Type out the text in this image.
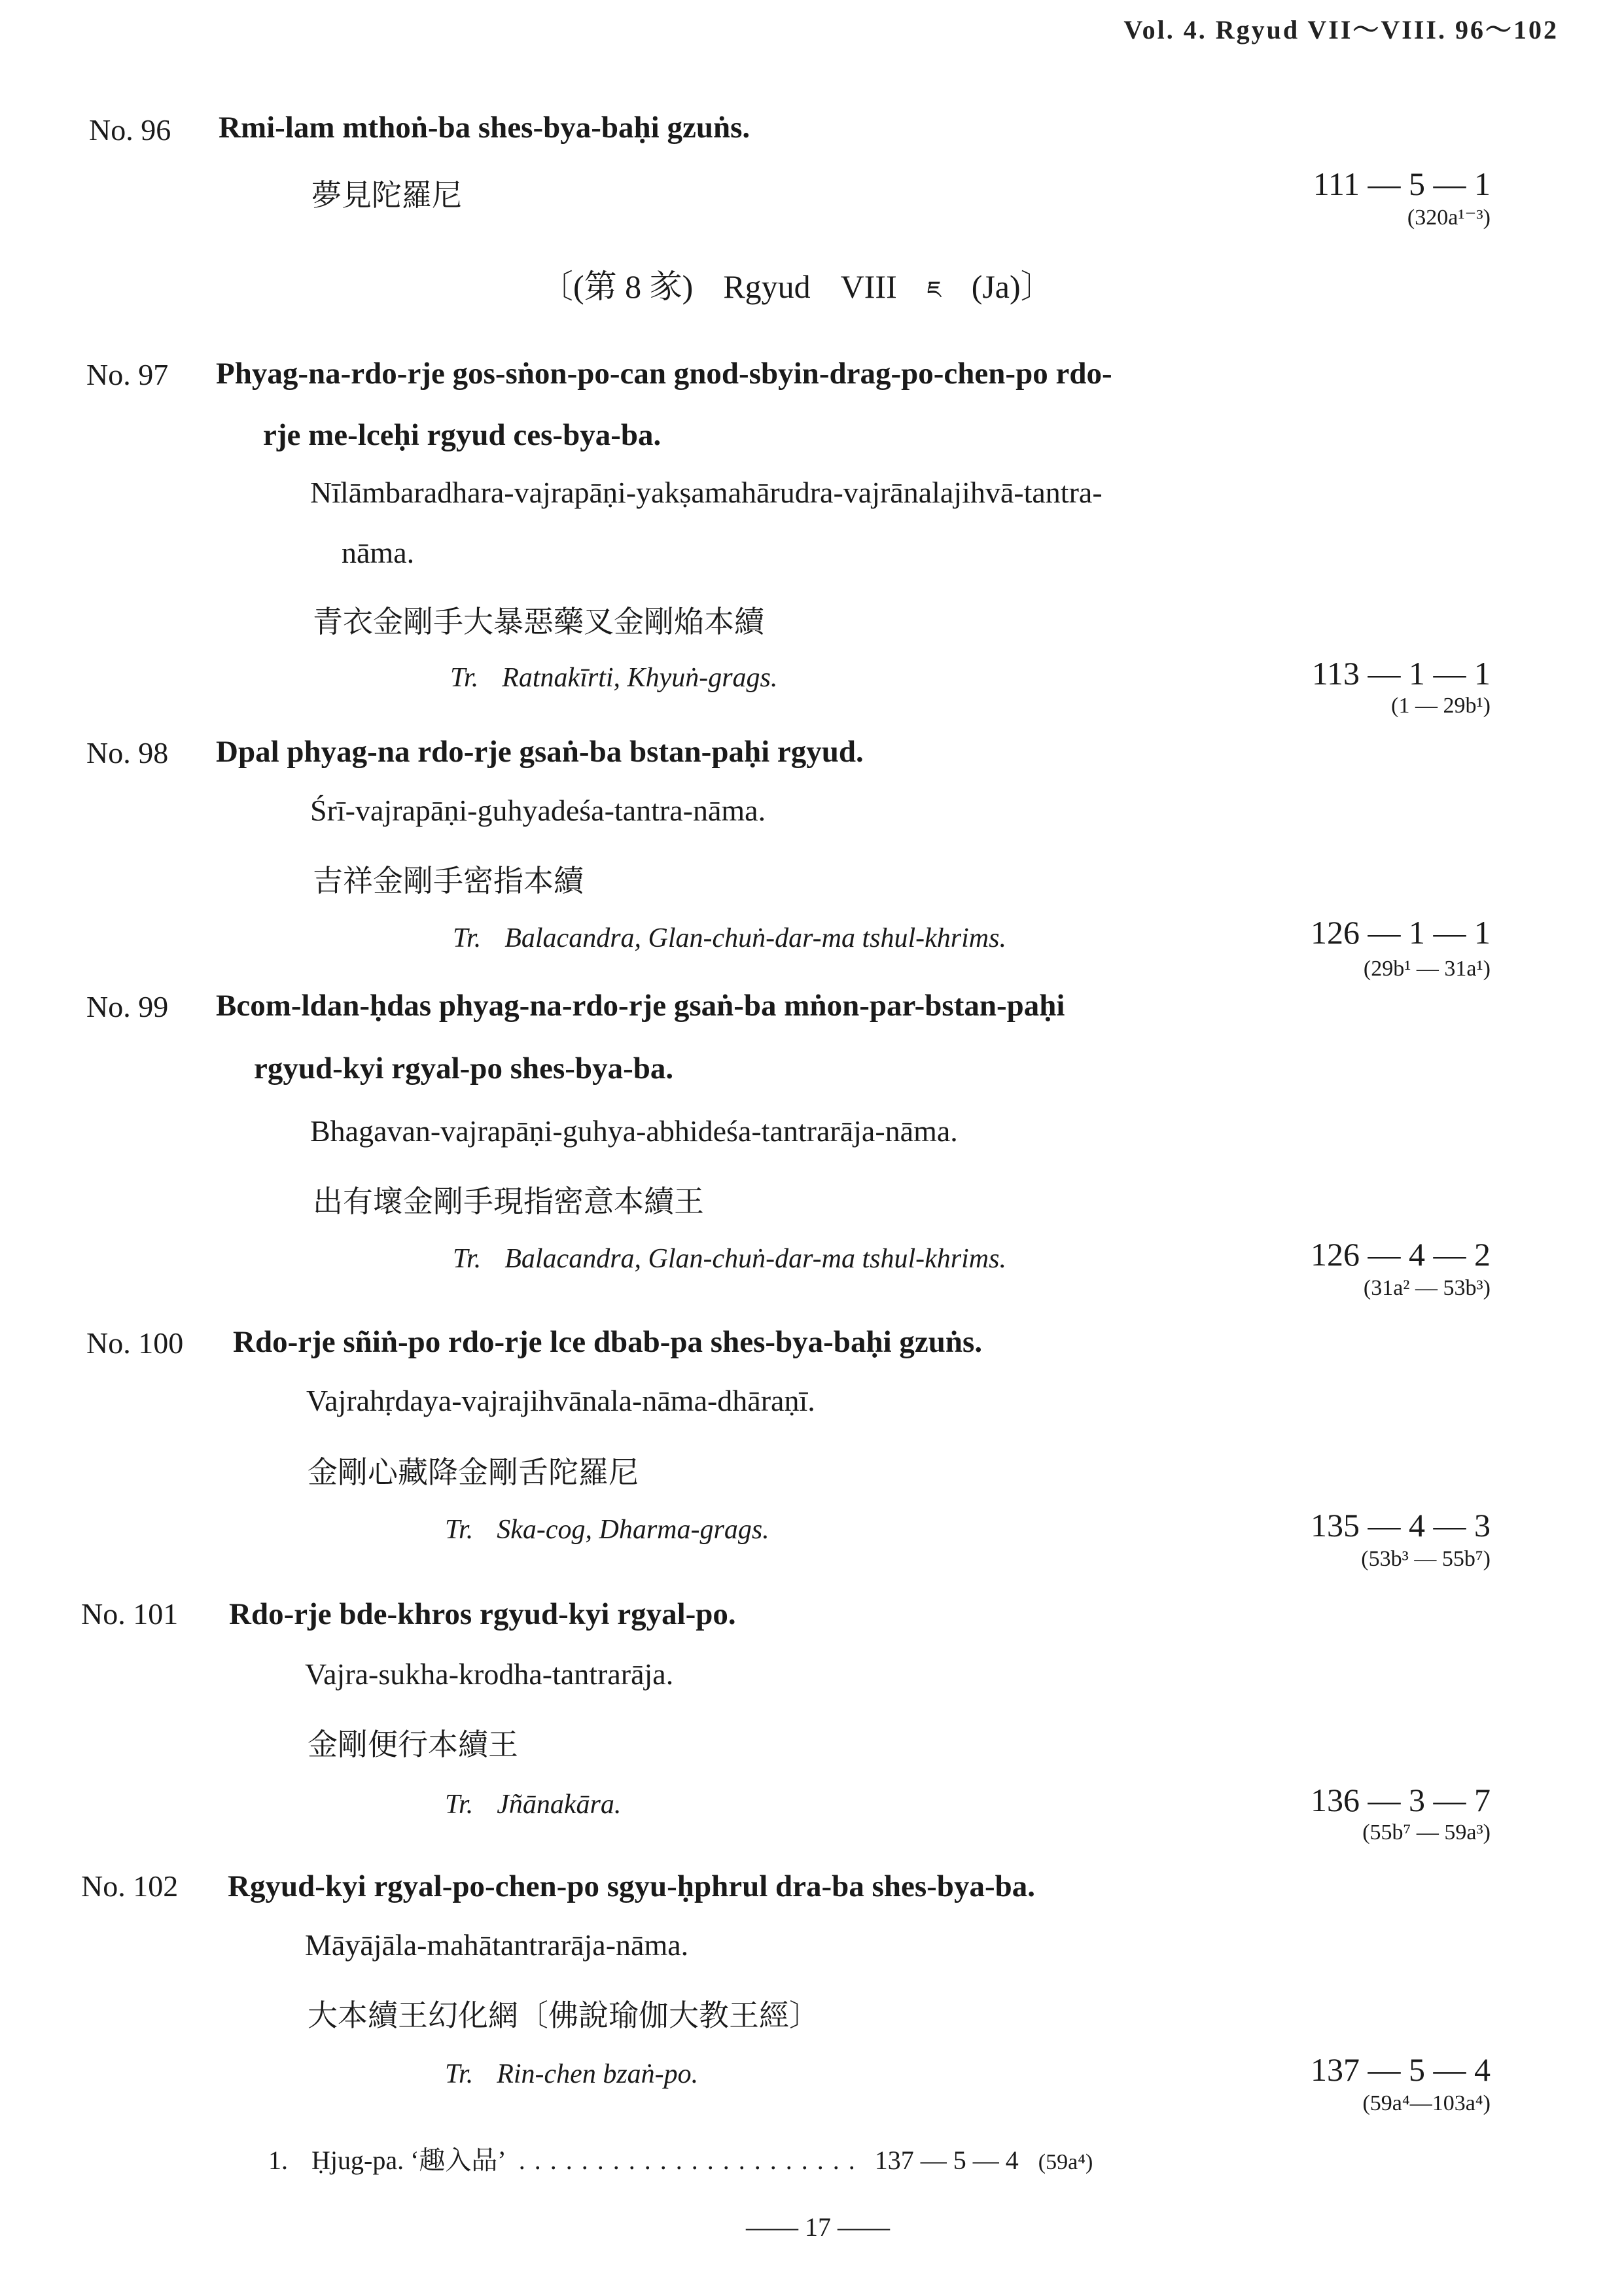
Vol. 4. Rgyud VII～VIII. 96～102
No. 96 Rmi-lam mthoṅ-ba shes-bya-baḥi gzuṅs.
夢見陀羅尼	111 — 5 — 1
(320a¹⁻³)
〔(第 8 㒸) Rgyud VIII ཇ (Ja)〕
No. 97 Phyag-na-rdo-rje gos-sṅon-po-can gnod-sbyin-drag-po-chen-po rdo-
rje me-lceḥi rgyud ces-bya-ba.
Nīlāmbaradhara-vajrapāṇi-yakṣamahārudra-vajrānalajihvā-tantra-
nāma.
青衣金剛手大暴惡藥叉金剛焔本續
Tr. Ratnakīrti, Khyuṅ-grags.	113 — 1 — 1
(1 — 29b¹)
No. 98 Dpal phyag-na rdo-rje gsaṅ-ba bstan-paḥi rgyud.
Śrī-vajrapāṇi-guhyadeśa-tantra-nāma.
吉祥金剛手密指本續
Tr. Balacandra, Glan-chuṅ-dar-ma tshul-khrims.	126 — 1 — 1
(29b¹ — 31a¹)
No. 99 Bcom-ldan-ḥdas phyag-na-rdo-rje gsaṅ-ba mṅon-par-bstan-paḥi
rgyud-kyi rgyal-po shes-bya-ba.
Bhagavan-vajrapāṇi-guhya-abhideśa-tantrarāja-nāma.
出有壞金剛手現指密意本續王
Tr. Balacandra, Glan-chuṅ-dar-ma tshul-khrims.	126 — 4 — 2
(31a² — 53b³)
No. 100 Rdo-rje sñiṅ-po rdo-rje lce dbab-pa shes-bya-baḥi gzuṅs.
Vajrahṛdaya-vajrajihvānala-nāma-dhāraṇī.
金剛心藏降金剛舌陀羅尼
Tr. Ska-cog, Dharma-grags.	135 — 4 — 3
(53b³ — 55b⁷)
No. 101 Rdo-rje bde-khros rgyud-kyi rgyal-po.
Vajra-sukha-krodha-tantrarāja.
金剛便行本續王
Tr. Jñānakāra.	136 — 3 — 7
(55b⁷ — 59a³)
No. 102 Rgyud-kyi rgyal-po-chen-po sgyu-ḥphrul dra-ba shes-bya-ba.
Māyājāla-mahātantrarāja-nāma.
大本續王幻化網〔佛說瑜伽大教王經〕
Tr. Rin-chen bzaṅ-po.	137 — 5 — 4
(59a⁴—103a⁴)
1. Ḥjug-pa. ‘趣入品’ . . . . . . . . . . . . . . . . . . . . . . 137 — 5 — 4 (59a⁴)
—— 17 ——
